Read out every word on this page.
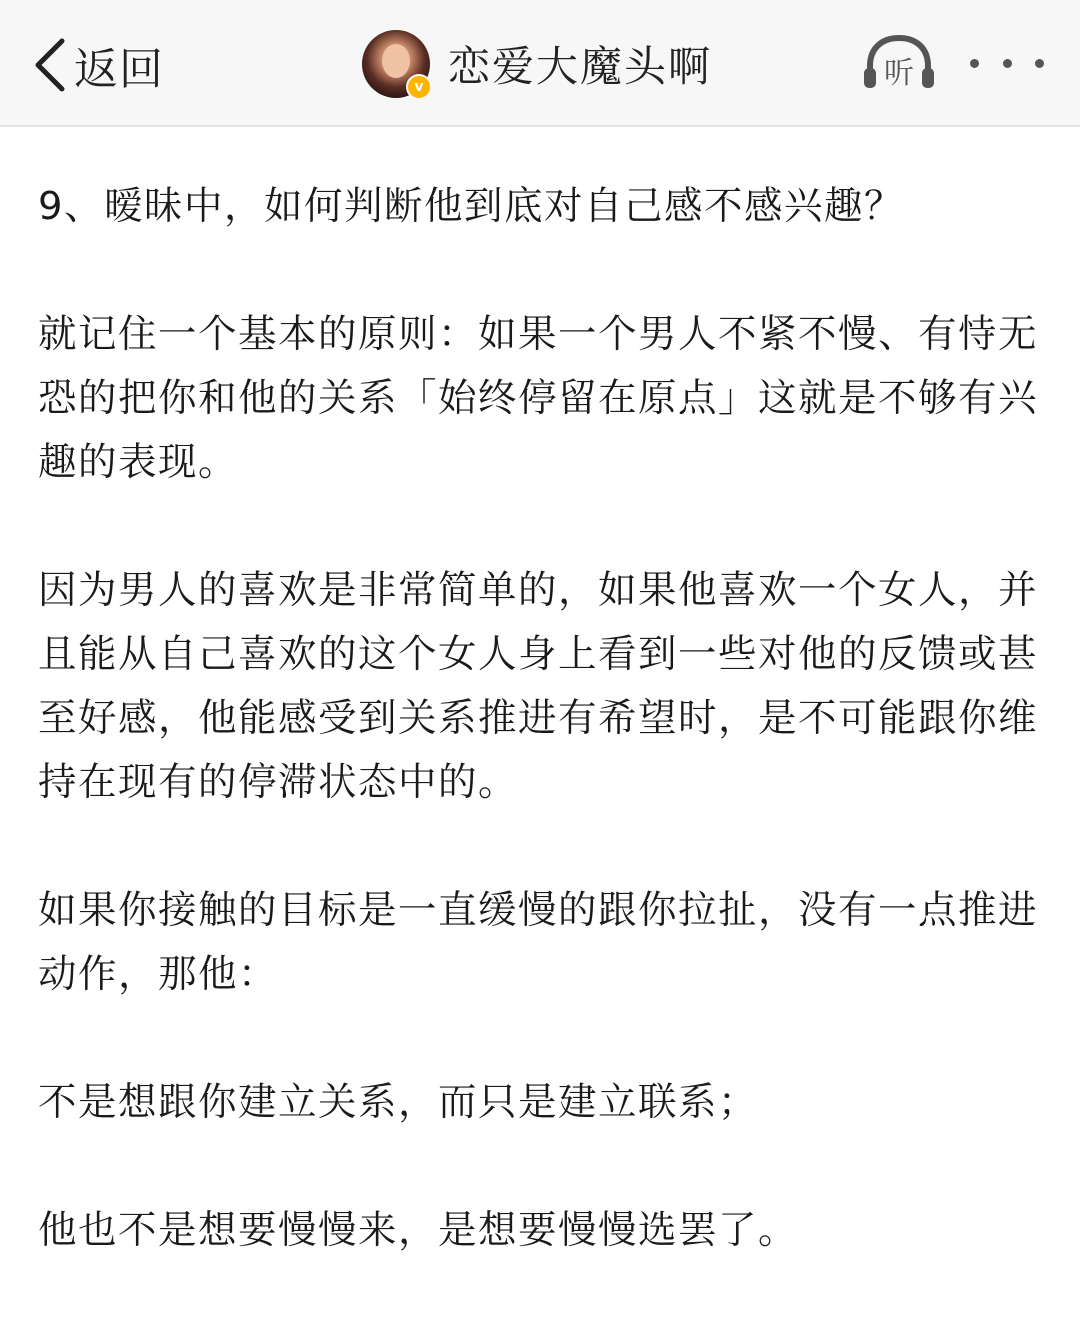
返回	v 恋爱大魔头啊	听

9、暧昧中，如何判断他到底对自己感不感兴趣？

就记住一个基本的原则：如果一个男人不紧不慢、有恃无恐的把你和他的关系「始终停留在原点」这就是不够有兴趣的表现。

因为男人的喜欢是非常简单的，如果他喜欢一个女人，并且能从自己喜欢的这个女人身上看到一些对他的反馈或甚至好感，他能感受到关系推进有希望时，是不可能跟你维持在现有的停滞状态中的。

如果你接触的目标是一直缓慢的跟你拉扯，没有一点推进动作，那他：

不是想跟你建立关系，而只是建立联系；

他也不是想要慢慢来，是想要慢慢选罢了。
